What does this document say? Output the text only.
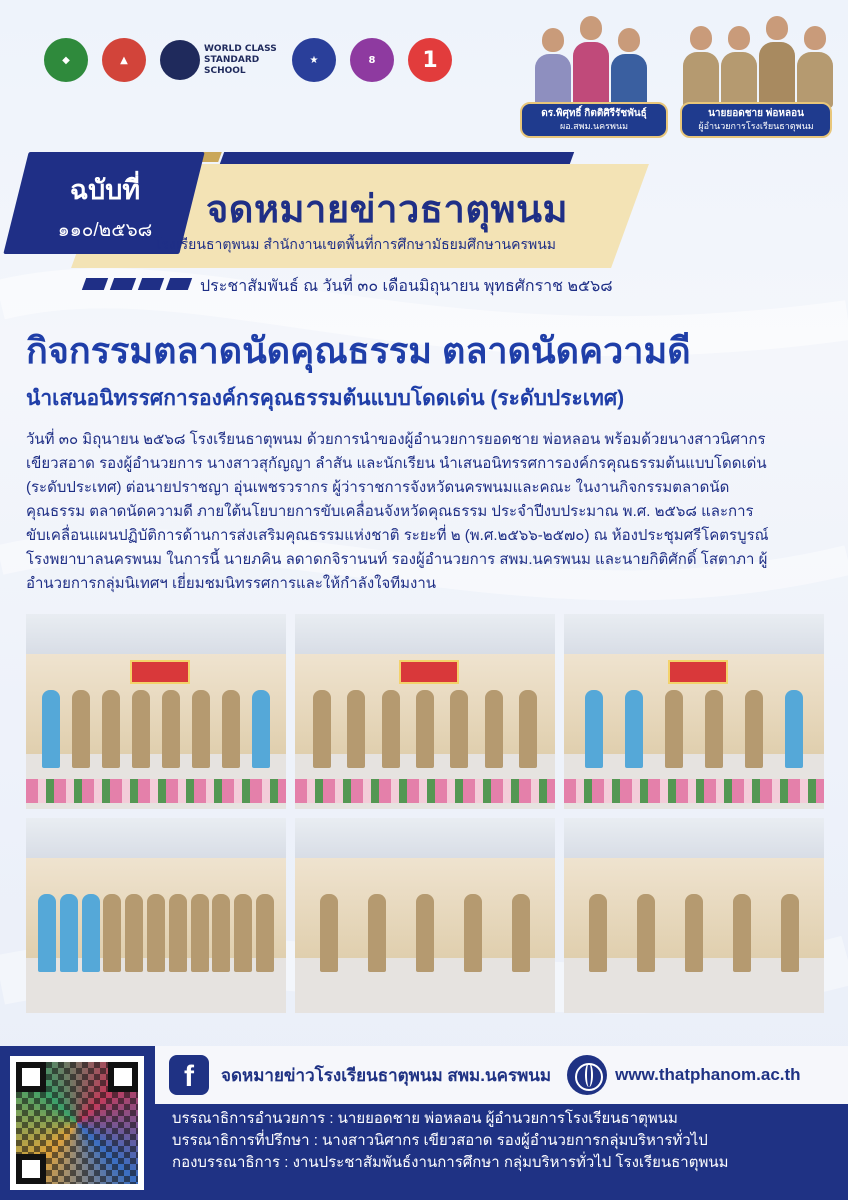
◆	▲
WORLD CLASS STANDARD SCHOOL
★	8	1
ดร.พิศุทธิ์ กิตติศิรีรัชพันธุ์
ผอ.สพม.นครพนม
นายยอดชาย พ่อหลอน
ผู้อำนวยการโรงเรียนธาตุพนม
ฉบับที่
๑๑๐/๒๕๖๘	จดหมายข่าวธาตุพนม
โรงเรียนธาตุพนม สำนักงานเขตพื้นที่การศึกษามัธยมศึกษานครพนม
ประชาสัมพันธ์ ณ วันที่ ๓๐ เดือนมิถุนายน พุทธศักราช ๒๕๖๘
กิจกรรมตลาดนัดคุณธรรม ตลาดนัดความดี
นำเสนอนิทรรศการองค์กรคุณธรรมต้นแบบโดดเด่น (ระดับประเทศ)
วันที่ ๓๐ มิถุนายน ๒๕๖๘ โรงเรียนธาตุพนม ด้วยการนำของผู้อำนวยการยอดชาย พ่อหลอน พร้อมด้วยนางสาวนิศากร
เขียวสอาด รองผู้อำนวยการ นางสาวสุกัญญา ลำสัน และนักเรียน นำเสนอนิทรรศการองค์กรคุณธรรมต้นแบบโดดเด่น
(ระดับประเทศ) ต่อนายปราชญา อุ่นเพชรวรากร ผู้ว่าราชการจังหวัดนครพนมและคณะ ในงานกิจกรรมตลาดนัด
คุณธรรม ตลาดนัดความดี ภายใต้นโยบายการขับเคลื่อนจังหวัดคุณธรรม ประจำปีงบประมาณ พ.ศ. ๒๕๖๘ และการ
ขับเคลื่อนแผนปฏิบัติการด้านการส่งเสริมคุณธรรมแห่งชาติ ระยะที่ ๒ (พ.ศ.๒๕๖๖-๒๕๗๐) ณ ห้องประชุมศรีโคตรบูรณ์
โรงพยาบาลนครพนม ในการนี้ นายภคิน ลดาดกจิรานนท์ รองผู้อำนวยการ สพม.นครพนม และนายกิติศักดิ์ โสตาภา ผู้
อำนวยการกลุ่มนิเทศฯ เยี่ยมชมนิทรรศการและให้กำลังใจทีมงาน
f	จดหมายข่าวโรงเรียนธาตุพนม สพม.นครพนม	www.thatphanom.ac.th
บรรณาธิการอำนวยการ : นายยอดชาย พ่อหลอน ผู้อำนวยการโรงเรียนธาตุพนม
บรรณาธิการที่ปรึกษา : นางสาวนิศากร เขียวสอาด รองผู้อำนวยการกลุ่มบริหารทั่วไป
กองบรรณาธิการ : งานประชาสัมพันธ์งานการศึกษา กลุ่มบริหารทั่วไป โรงเรียนธาตุพนม
